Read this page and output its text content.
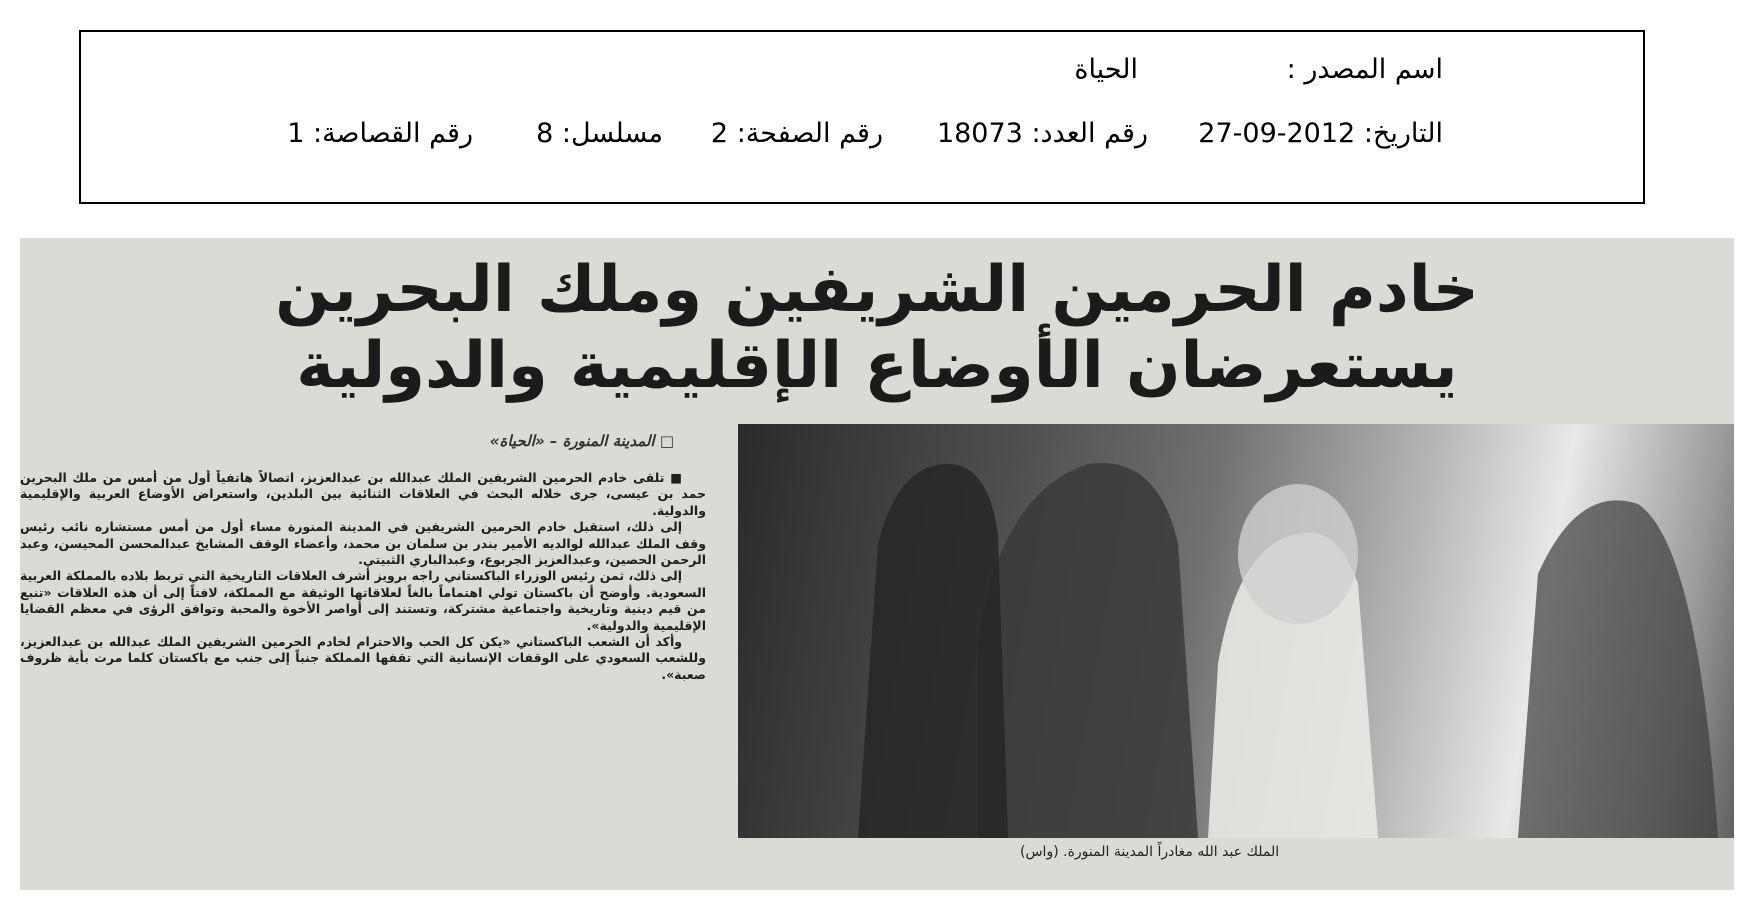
اسم المصدر :
الحياة
التاريخ: 2012-09-27
رقم العدد: 18073
رقم الصفحة: 2
مسلسل: 8
رقم القصاصة: 1
خادم الحرمين الشريفين وملك البحرين
يستعرضان الأوضاع الإقليمية والدولية
الملك عبد الله مغادراً المدينة المنورة. (واس)
□ المدينة المنورة – «الحياة»

■ تلقى خادم الحرمين الشريفين الملك عبدالله بن عبدالعزيز، اتصالاً هاتفياً أول من أمس من ملك البحرين حمد بن عيسى، جرى خلاله البحث في العلاقات الثنائية بين البلدين، واستعراض الأوضاع العربية والإقليمية والدولية.

إلى ذلك، استقبل خادم الحرمين الشريفين في المدينة المنورة مساء أول من أمس مستشاره نائب رئيس وقف الملك عبدالله لوالديه الأمير بندر بن سلمان بن محمد، وأعضاء الوقف المشايخ عبدالمحسن المحيسن، وعبد الرحمن الحصين، وعبدالعزيز الجربوع، وعبدالباري الثبيتي.

إلى ذلك، ثمن رئيس الوزراء الباكستاني راجه برويز أشرف العلاقات التاريخية التي تربط بلاده بالمملكة العربية السعودية. وأوضح أن باكستان تولي اهتماماً بالغاً لعلاقاتها الوثيقة مع المملكة، لافتاً إلى أن هذه العلاقات «تنبع من قيم دينية وتاريخية واجتماعية مشتركة، وتستند إلى أواصر الأخوة والمحبة وتوافق الرؤى في معظم القضايا الإقليمية والدولية».

وأكد أن الشعب الباكستاني «يكن كل الحب والاحترام لخادم الحرمين الشريفين الملك عبدالله بن عبدالعزيز، وللشعب السعودي على الوقفات الإنسانية التي تقفها المملكة جنباً إلى جنب مع باكستان كلما مرت بأية ظروف صعبة».
